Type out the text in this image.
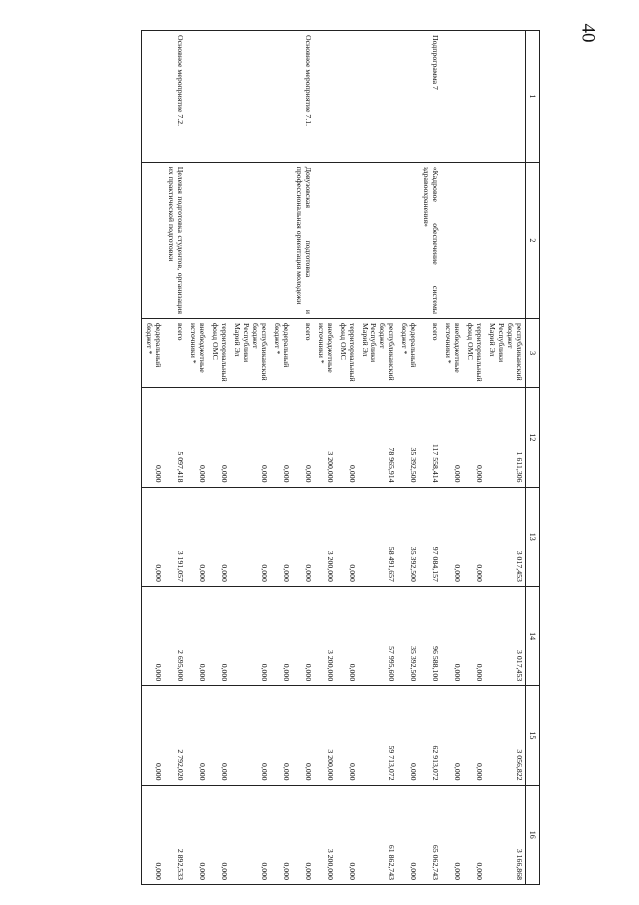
40
1	2	3	12	13	14	15	16
		республиканский бюджет Республики Марий Эл	1 611,306	3 017,453	3 017,453	3 056,822	3 166,868
		территориальный фонд ОМС	0,000	0,000	0,000	0,000	0,000
		внебюджетные источники *	0,000	0,000	0,000	0,000	0,000
Подпрограмма 7	«Кадровое обеспечение системы здравоохранения»	всего	117 558,414	97 084,157	96 588,100	62 913,072	65 062,743
		федеральный бюджет *	35 392,500	35 392,500	35 392,500	0,000	0,000
		республиканский бюджет Республики Марий Эл	78 965,914	58 491,657	57 995,600	59 713,072	61 862,743
		территориальный фонд ОМС	0,000	0,000	0,000	0,000	0,000
		внебюджетные источники *	3 200,000	3 200,000	3 200,000	3 200,000	3 200,000
Основное мероприятие 7.1.	Довузовская подготовка и профессиональная ориентация молодежи	всего	0,000	0,000	0,000	0,000	0,000
		федеральный бюджет *	0,000	0,000	0,000	0,000	0,000
		республиканский бюджет Республики Марий Эл	0,000	0,000	0,000	0,000	0,000
		территориальный фонд ОМС	0,000	0,000	0,000	0,000	0,000
		внебюджетные источники *	0,000	0,000	0,000	0,000	0,000
Основное мероприятие 7.2.	Целевая подготовка студентов, организация их практической подготовки	всего	5 097,418	3 191,057	2 695,000	2 792,020	2 892,533
		федеральный бюджет *	0,000	0,000	0,000	0,000	0,000
